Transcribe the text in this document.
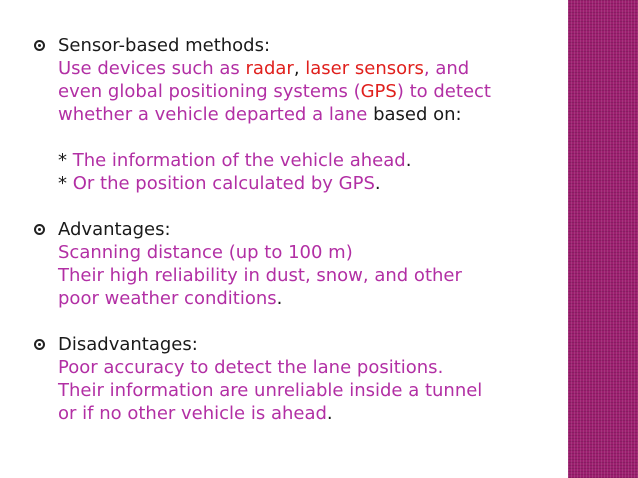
Sensor-based methods:
Use devices such as radar, laser sensors, and
even global positioning systems (GPS) to detect
whether a vehicle departed a lane based on:
* The information of the vehicle ahead.
* Or the position calculated by GPS.
Advantages:
Scanning distance (up to 100 m)
Their high reliability in dust, snow, and other
poor weather conditions.
Disadvantages:
Poor accuracy to detect the lane positions.
Their information are unreliable inside a tunnel
or if no other vehicle is ahead.
